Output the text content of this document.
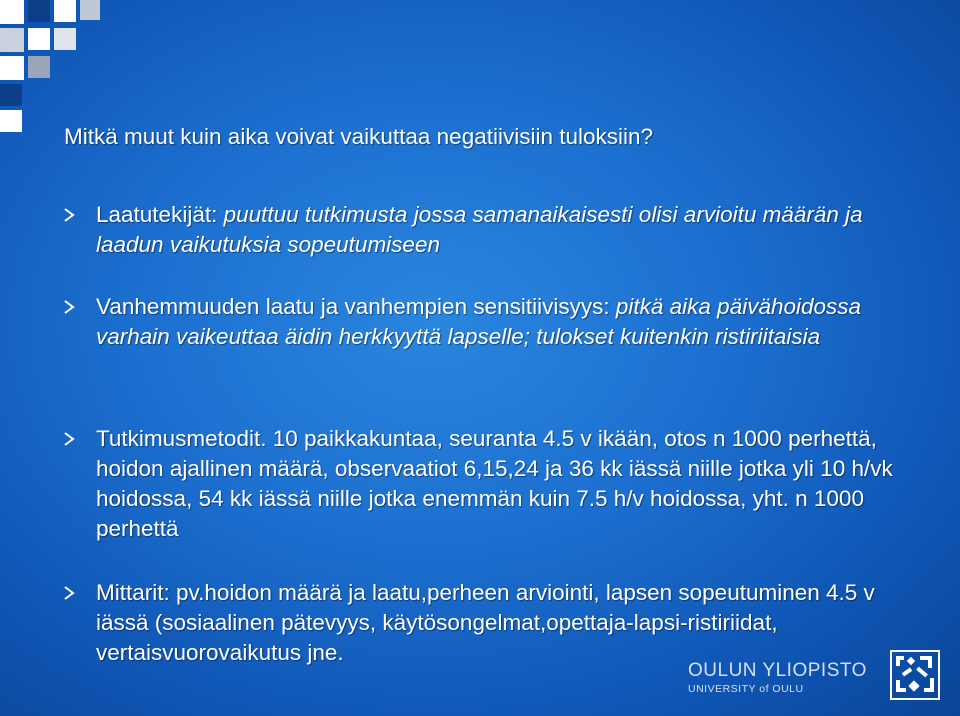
Mitkä muut kuin aika voivat vaikuttaa negatiivisiin tuloksiin?
Laatutekijät: puuttuu tutkimusta jossa samanaikaisesti olisi arvioitu määrän ja laadun vaikutuksia sopeutumiseen
Vanhemmuuden laatu ja vanhempien sensitiivisyys: pitkä aika päivähoidossa varhain vaikeuttaa äidin herkkyyttä lapselle; tulokset kuitenkin ristiriitaisia
Tutkimusmetodit. 10 paikkakuntaa, seuranta 4.5 v ikään, otos n 1000 perhettä, hoidon ajallinen määrä, observaatiot 6,15,24 ja 36 kk iässä niille jotka yli 10 h/vk hoidossa, 54 kk iässä niille jotka enemmän kuin 7.5 h/v hoidossa, yht. n 1000 perhettä
Mittarit: pv.hoidon määrä ja laatu,perheen arviointi, lapsen sopeutuminen 4.5 v iässä (sosiaalinen pätevyys, käytösongelmat,opettaja-lapsi-ristiriidat, vertaisvuorovaikutus jne.
OULUN YLIOPISTO
UNIVERSITY of OULU
